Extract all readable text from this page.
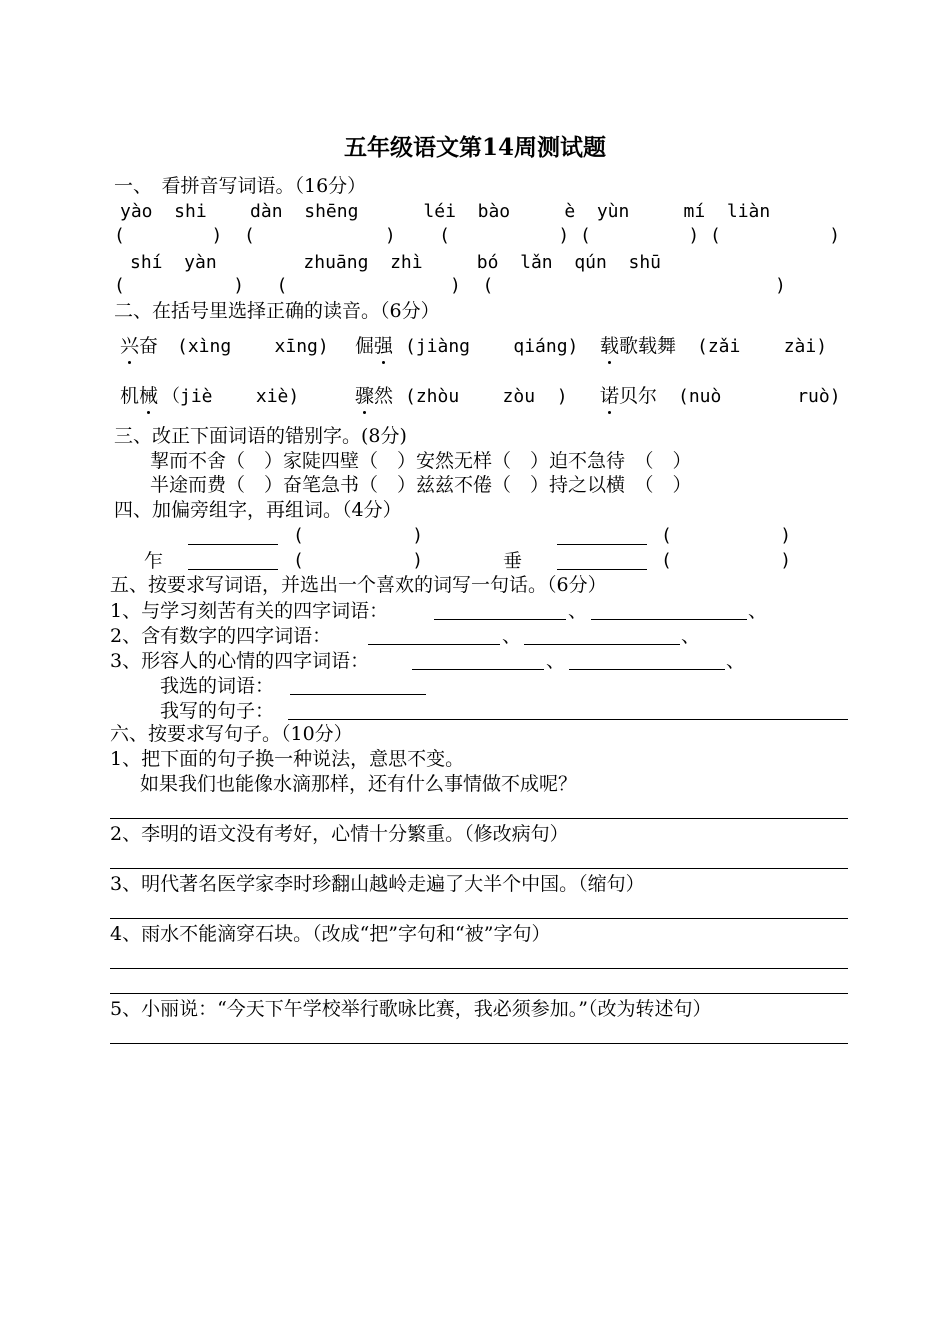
五年级语文第14周测试题
一、　看拼音写词语。（16分）
yào  shi    dàn  shēng      léi  bào     è  yùn     mí  liàn
(        )  (            )    (          ) (         ) (          )
shí  yàn        zhuāng  zhì     bó  lǎn  qún  shū
(          )   (               )  (                          )
二、在括号里选择正确的读音。（6分）
兴奋 (xìng    xīng) 倔强 (jiàng    qiáng) 载歌载舞 (zǎi    zài)
机械 （jiè    xiè)	骤然 (zhòu    zòu  ) 诺贝尔 (nuò       ruò)
三、改正下面词语的错别字。(8分)
挈而不舍（　）家陡四壁（　）安然无样（　）迫不急待　（　）
半途而费（　）奋笔急书（　）兹兹不倦（　）持之以横　（　）
四、加偏旁组字，再组词。（4分）
(          )	(          )
乍	(          )	垂	(          )
五、按要求写词语，并选出一个喜欢的词写一句话。（6分）
1、与学习刻苦有关的四字词语：	、	、
2、含有数字的四字词语：	、	、
3、形容人的心情的四字词语：	、	、
我选的词语：
我写的句子：
六、按要求写句子。（10分）
1、把下面的句子换一种说法，意思不变。
如果我们也能像水滴那样，还有什么事情做不成呢？
2、李明的语文没有考好，心情十分繁重。（修改病句）
3、明代著名医学家李时珍翻山越岭走遍了大半个中国。（缩句）
4、雨水不能滴穿石块。（改成“把”字句和“被”字句）
5、小丽说：“今天下午学校举行歌咏比赛，我必须参加。”（改为转述句）
